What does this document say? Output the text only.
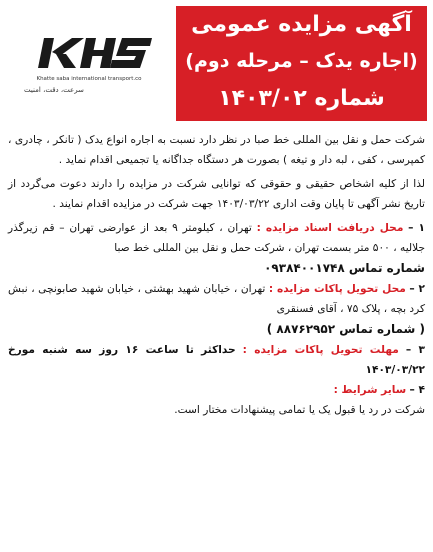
Khatte saba international transport.co
سرعت، دقت، امنیت
آگهی مزایده عمومی
(اجاره یدک – مرحله دوم)
شماره ۱۴۰۳/۰۲

شرکت حمل و نقل بین المللی خط صبا در نظر دارد نسبت به اجاره انواع یدک ( تانکر ، چادری ، کمپرسی ، کفی ، لبه دار و تیغه ) بصورت هر دستگاه جداگانه یا تجمیعی اقدام نماید .

لذا از کلیه اشخاص حقیقی و حقوقی که توانایی شرکت در مزایده را دارند دعوت می‌گردد از تاریخ نشر آگهی تا پایان وقت اداری ۱۴۰۳/۰۳/۲۲ جهت شرکت در مزایده اقدام نمایند .

۱ – محل دریافت اسناد مزایده : تهران ، کیلومتر ۹ بعد از عوارضی تهران – قم زیرگذر جلالیه ، ۵۰۰ متر بسمت تهران ، شرکت حمل و نقل بین المللی خط صبا

شماره تماس ۰۹۳۸۴۰۰۱۷۴۸

۲ – محل تحویل پاکات مزایده : تهران ، خیابان شهید بهشتی ، خیابان شهید صابونچی ، نبش کرد بچه ، پلاک ۷۵ ، آقای فسنقری

( شماره تماس ۸۸۷۶۲۹۵۲ )

۳ – مهلت تحویل پاکات مزایده : حداکثر تا ساعت ۱۶ روز سه شنبه مورخ ۱۴۰۳/۰۳/۲۲

۴ – سایر شرایط :

شرکت در رد یا قبول یک یا تمامی پیشنهادات مختار است.
